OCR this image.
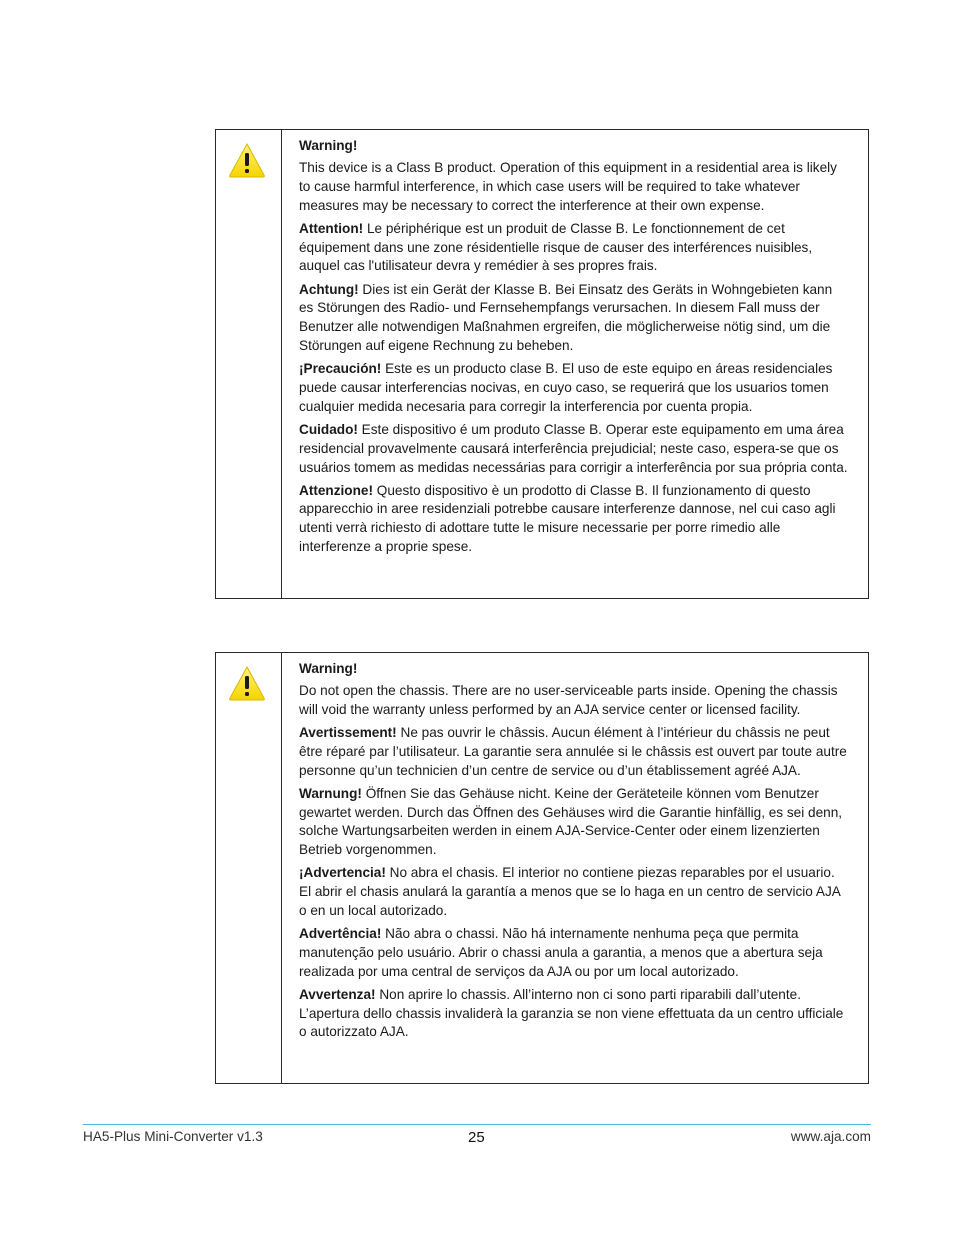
Warning!

This device is a Class B product. Operation of this equipment in a residential area is likely to cause harmful interference, in which case users will be required to take whatever measures may be necessary to correct the interference at their own expense.

Attention! Le périphérique est un produit de Classe B. Le fonctionnement de cet équipement dans une zone résidentielle risque de causer des interférences nuisibles, auquel cas l'utilisateur devra y remédier à ses propres frais.

Achtung! Dies ist ein Gerät der Klasse B. Bei Einsatz des Geräts in Wohngebieten kann es Störungen des Radio- und Fernsehempfangs verursachen. In diesem Fall muss der Benutzer alle notwendigen Maßnahmen ergreifen, die möglicherweise nötig sind, um die Störungen auf eigene Rechnung zu beheben.

¡Precaución! Este es un producto clase B. El uso de este equipo en áreas residenciales puede causar interferencias nocivas, en cuyo caso, se requerirá que los usuarios tomen cualquier medida necesaria para corregir la interferencia por cuenta propia.

Cuidado! Este dispositivo é um produto Classe B. Operar este equipamento em uma área residencial provavelmente causará interferência prejudicial; neste caso, espera-se que os usuários tomem as medidas necessárias para corrigir a interferência por sua própria conta.

Attenzione! Questo dispositivo è un prodotto di Classe B. Il funzionamento di questo apparecchio in aree residenziali potrebbe causare interferenze dannose, nel cui caso agli utenti verrà richiesto di adottare tutte le misure necessarie per porre rimedio alle interferenze a proprie spese.

Warning!

Do not open the chassis. There are no user-serviceable parts inside. Opening the chassis will void the warranty unless performed by an AJA service center or licensed facility.

Avertissement! Ne pas ouvrir le châssis. Aucun élément à l’intérieur du châssis ne peut être réparé par l’utilisateur. La garantie sera annulée si le châssis est ouvert par toute autre personne qu’un technicien d’un centre de service ou d’un établissement agréé AJA.

Warnung! Öffnen Sie das Gehäuse nicht. Keine der Geräteteile können vom Benutzer gewartet werden. Durch das Öffnen des Gehäuses wird die Garantie hinfällig, es sei denn, solche Wartungsarbeiten werden in einem AJA-Service-Center oder einem lizenzierten Betrieb vorgenommen.

¡Advertencia! No abra el chasis. El interior no contiene piezas reparables por el usuario. El abrir el chasis anulará la garantía a menos que se lo haga en un centro de servicio AJA o en un local autorizado.

Advertência! Não abra o chassi. Não há internamente nenhuma peça que permita manutenção pelo usuário. Abrir o chassi anula a garantia, a menos que a abertura seja realizada por uma central de serviços da AJA ou por um local autorizado.

Avvertenza! Non aprire lo chassis. All’interno non ci sono parti riparabili dall’utente. L’apertura dello chassis invaliderà la garanzia se non viene effettuata da un centro ufficiale o autorizzato AJA.

HA5-Plus Mini-Converter v1.3	25	www.aja.com
